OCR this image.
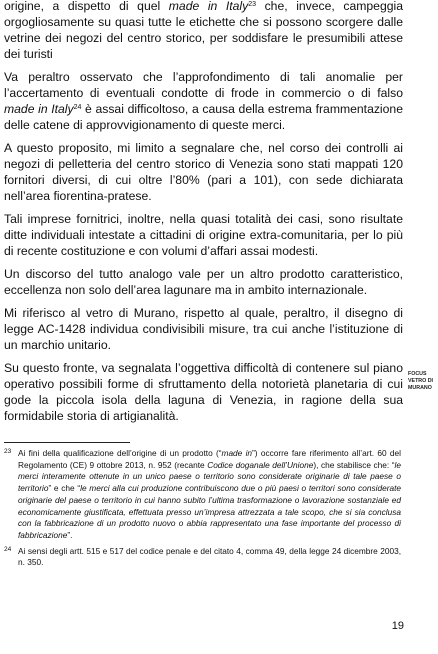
origine, a dispetto di quel made in Italy$^{23}$ che, invece, campeggia orgogliosamente su quasi tutte le etichette che si possono scorgere dalle vetrine dei negozi del centro storico, per soddisfare le presumibili attese dei turisti

Va peraltro osservato che l’approfondimento di tali anomalie per l’accertamento di eventuali condotte di frode in commercio o di falso made in Italy$^{24}$ è assai difficoltoso, a causa della estrema frammentazione delle catene di approvvigionamento di queste merci.

A questo proposito, mi limito a segnalare che, nel corso dei controlli ai negozi di pelletteria del centro storico di Venezia sono stati mappati 120 fornitori diversi, di cui oltre l’80% (pari a 101), con sede dichiarata nell’area fiorentina-pratese.

Tali imprese fornitrici, inoltre, nella quasi totalità dei casi, sono risultate ditte individuali intestate a cittadini di origine extra-comunitaria, per lo più di recente costituzione e con volumi d’affari assai modesti.

Un discorso del tutto analogo vale per un altro prodotto caratteristico, eccellenza non solo dell’area lagunare ma in ambito internazionale.

Mi riferisco al vetro di Murano, rispetto al quale, peraltro, il disegno di legge AC-1428 individua condivisibili misure, tra cui anche l’istituzione di un marchio unitario.

Su questo fronte, va segnalata l’oggettiva difficoltà di contenere sul piano operativo possibili forme di sfruttamento della notorietà planetaria di cui gode la piccola isola della laguna di Venezia, in ragione della sua formidabile storia di artigianalità.

FOCUS
VETRO DI
MURANO

23 Ai fini della qualificazione dell’origine di un prodotto (“made in”) occorre fare riferimento all’art. 60 del Regolamento (CE) 9 ottobre 2013, n. 952 (recante Codice doganale dell’Unione), che stabilisce che: “le merci interamente ottenute in un unico paese o territorio sono considerate originarie di tale paese o territorio” e che “le merci alla cui produzione contribuiscono due o più paesi o territori sono considerate originarie del paese o territorio in cui hanno subito l’ultima trasformazione o lavorazione sostanziale ed economicamente giustificata, effettuata presso un’impresa attrezzata a tale scopo, che si sia conclusa con la fabbricazione di un prodotto nuovo o abbia rappresentato una fase importante del processo di fabbricazione”.

24 Ai sensi degli artt. 515 e 517 del codice penale e del citato 4, comma 49, della legge 24 dicembre 2003, n. 350.

19
